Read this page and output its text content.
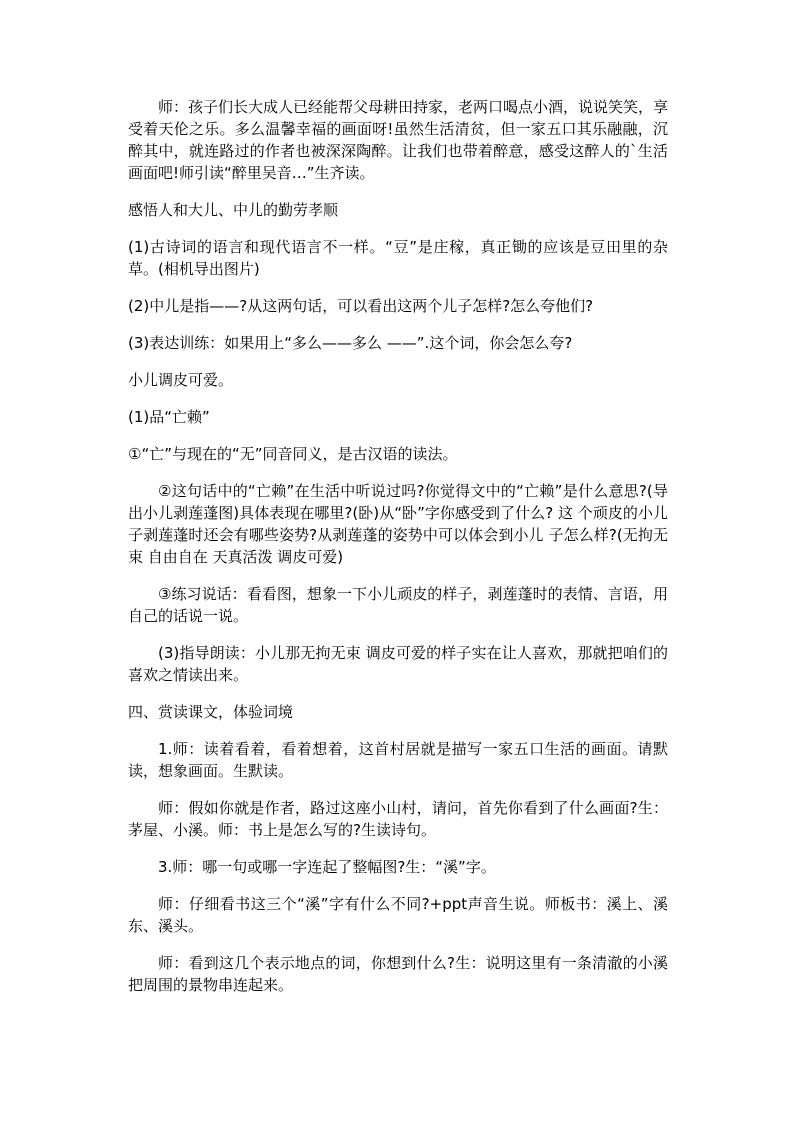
师：孩子们长大成人已经能帮父母耕田持家，老两口喝点小酒，说说笑笑，享受着天伦之乐。多么温馨幸福的画面呀!虽然生活清贫，但一家五口其乐融融，沉醉其中，就连路过的作者也被深深陶醉。让我们也带着醉意，感受这醉人的`生活画面吧!师引读“醉里吴音…”生齐读。

感悟人和大儿、中儿的勤劳孝顺

(1)古诗词的语言和现代语言不一样。“豆”是庄稼，真正锄的应该是豆田里的杂草。(相机导出图片)

(2)中儿是指——?从这两句话，可以看出这两个儿子怎样?怎么夸他们?

(3)表达训练：如果用上“多么——多么 ——”.这个词，你会怎么夸?

小儿调皮可爱。

(1)品“亡赖”

①“亡”与现在的“无”同音同义，是古汉语的读法。

②这句话中的“亡赖”在生活中听说过吗?你觉得文中的“亡赖”是什么意思?(导出小儿剥莲蓬图)具体表现在哪里?(卧)从“卧”字你感受到了什么? 这 个顽皮的小儿子剥莲蓬时还会有哪些姿势?从剥莲蓬的姿势中可以体会到小儿 子怎么样?(无拘无束 自由自在 天真活泼 调皮可爱)

③练习说话：看看图，想象一下小儿顽皮的样子，剥莲蓬时的表情、言语，用自己的话说一说。

(3)指导朗读：小儿那无拘无束 调皮可爱的样子实在让人喜欢，那就把咱们的喜欢之情读出来。

四、赏读课文，体验词境

1.师：读着看着，看着想着，这首村居就是描写一家五口生活的画面。请默读，想象画面。生默读。

师：假如你就是作者，路过这座小山村，请问，首先你看到了什么画面?生：茅屋、小溪。师：书上是怎么写的?生读诗句。

3.师：哪一句或哪一字连起了整幅图?生：“溪”字。

师：仔细看书这三个“溪”字有什么不同?+ppt声音生说。师板书：溪上、溪东、溪头。

师：看到这几个表示地点的词，你想到什么?生：说明这里有一条清澈的小溪把周围的景物串连起来。
